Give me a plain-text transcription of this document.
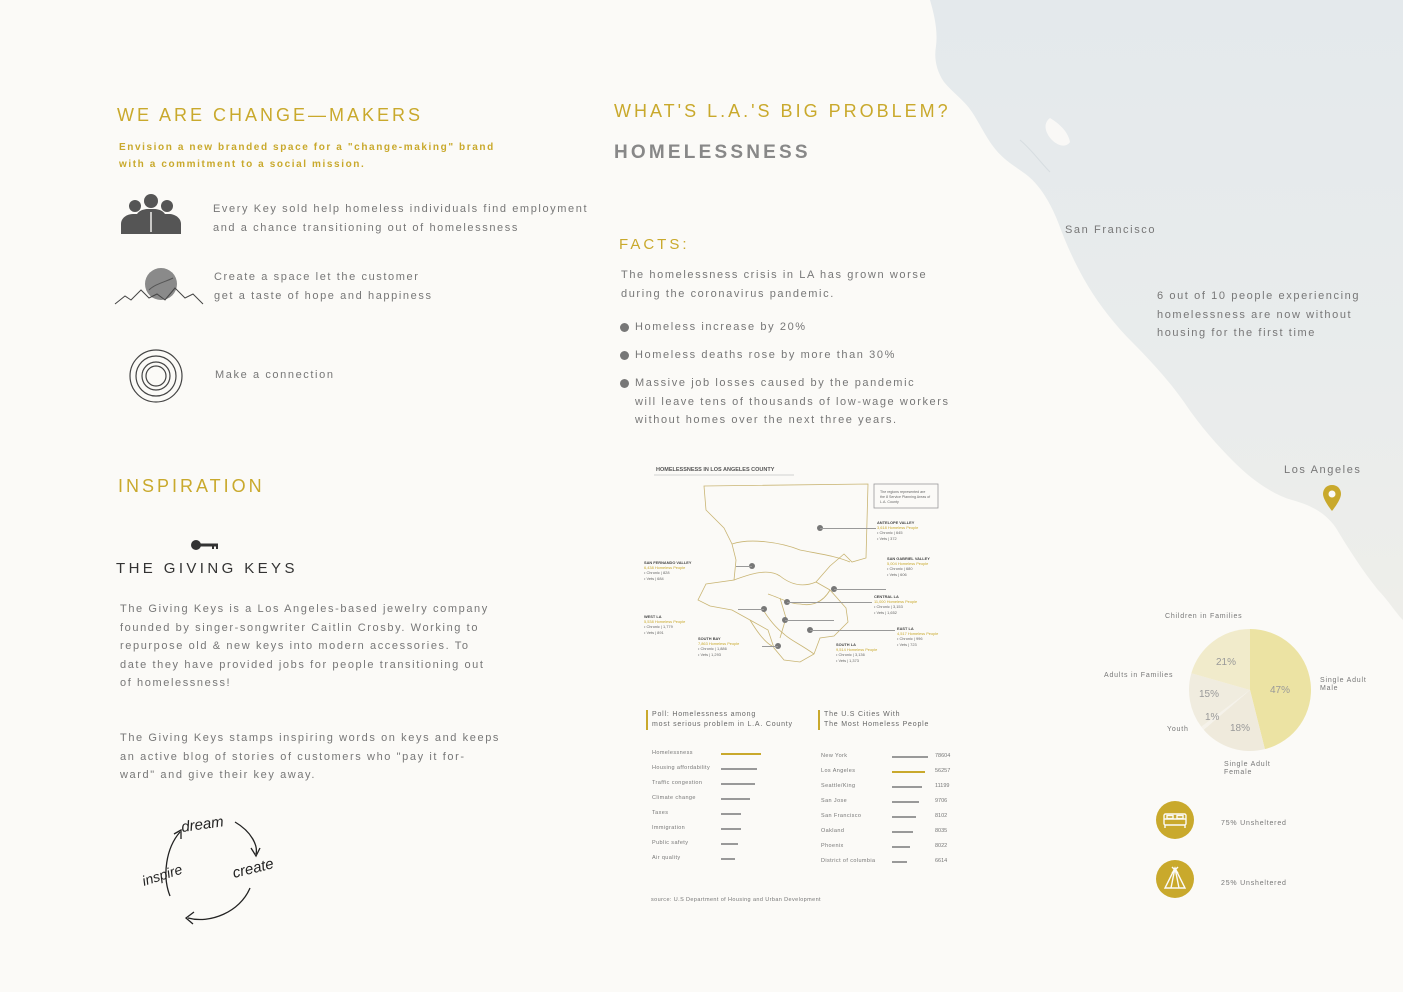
WE ARE CHANGE—MAKERS
Envision a new branded space for a "change-making" brand
with a commitment to a social mission.
Every Key sold help homeless individuals find employment
and a chance transitioning out of homelessness
Create a space let the customer
get a taste of hope and happiness
Make a connection
INSPIRATION
THE GIVING KEYS
The Giving Keys is a Los Angeles-based jewelry company
founded by singer-songwriter Caitlin Crosby. Working to
repurpose old & new keys into modern accessories. To
date they have provided jobs for people transitioning out
of homelessness!
The Giving Keys stamps inspiring words on keys and keeps
an active blog of stories of customers who "pay it for-
ward" and give their key away.
dream
create
inspire
WHAT'S L.A.'S BIG PROBLEM?
HOMELESSNESS
FACTS:
The homelessness crisis in LA has grown worse
during the coronavirus pandemic.
Homeless increase by 20%
Homeless deaths rose by more than 30%
Massive job losses caused by the pandemic
will leave tens of thousands of low-wage workers
without homes over the next three years.
HOMELESSNESS IN LOS ANGELES COUNTY
The regions represented are
the 8 Service Planning Areas of
L.A. County
ANTELOPE VALLEY
3,618 Homeless People
• Chronic | 645
• Vets | 372
SAN GABRIEL VALLEY
5,004 Homeless People
• Chronic | 680
• Vets | 606
SAN FERNANDO VALLEY
6,438 Homeless People
• Chronic | 828
• Vets | 684
CENTRAL LA
11,000 Homeless People
• Chronic | 3,153
• Vets | 1,652
WEST LA
5,538 Homeless People
• Chronic | 1,779
• Vets | 891
EAST LA
4,517 Homeless People
• Chronic | 996
• Vets | 723
SOUTH BAY
7,863 Homeless People
• Chronic | 1,886
• Vets | 1,293
SOUTH LA
9,514 Homeless People
• Chronic | 3,136
• Vets | 1,373
Poll: Homelessness among
most serious problem in L.A. County
Homelessness
Housing affordability
Traffic congestion
Climate change
Taxes
Immigration
Public safety
Air quality
The U.S Cities With
The Most Homeless People
New York	78604
Los Angeles	56257
Seattle/King	11199
San Jose	9706
San Francisco	8102
Oakland	8035
Phoenix	8022
District of columbia	6614
source: U.S Department of Housing and Urban Development
San Francisco
6 out of 10 people experiencing
homelessness are now without
housing for the first time
Los Angeles
Children in Families
Adults in Families
Single Adult
Male
Youth
Single Adult
Female
47%
18%
1%
15%
21%
75% Unsheltered
25% Unsheltered
